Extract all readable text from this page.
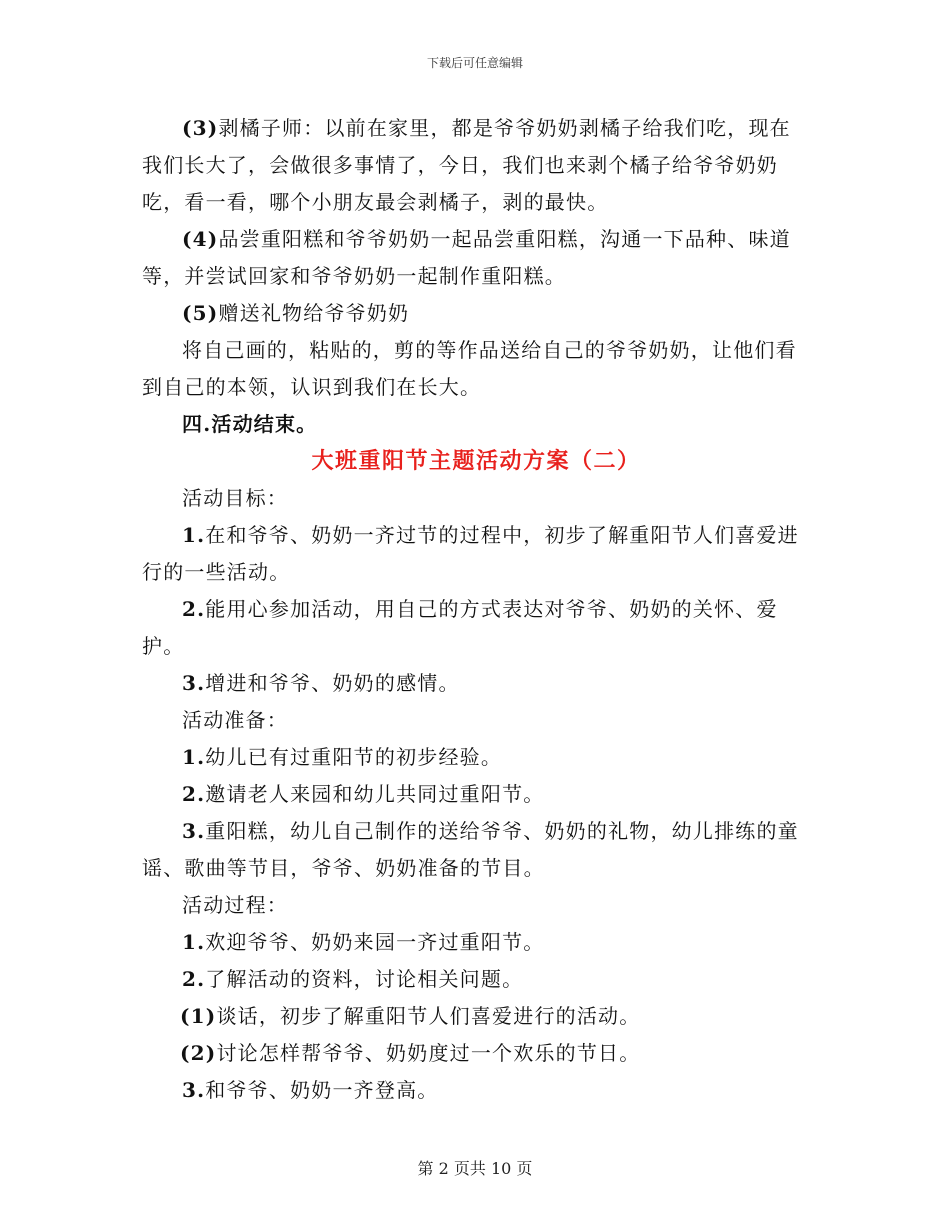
下载后可任意编辑

(3)剥橘子师：以前在家里，都是爷爷奶奶剥橘子给我们吃，现在我们长大了，会做很多事情了，今日，我们也来剥个橘子给爷爷奶奶吃，看一看，哪个小朋友最会剥橘子，剥的最快。

(4)品尝重阳糕和爷爷奶奶一起品尝重阳糕，沟通一下品种、味道等，并尝试回家和爷爷奶奶一起制作重阳糕。

(5)赠送礼物给爷爷奶奶

将自己画的，粘贴的，剪的等作品送给自己的爷爷奶奶，让他们看到自己的本领，认识到我们在长大。

四.活动结束。

大班重阳节主题活动方案（二）

活动目标：

1.在和爷爷、奶奶一齐过节的过程中，初步了解重阳节人们喜爱进行的一些活动。

2.能用心参加活动，用自己的方式表达对爷爷、奶奶的关怀、爱护。

3.增进和爷爷、奶奶的感情。

活动准备：

1.幼儿已有过重阳节的初步经验。

2.邀请老人来园和幼儿共同过重阳节。

3.重阳糕，幼儿自己制作的送给爷爷、奶奶的礼物，幼儿排练的童谣、歌曲等节目，爷爷、奶奶准备的节目。

活动过程：

1.欢迎爷爷、奶奶来园一齐过重阳节。

2.了解活动的资料，讨论相关问题。

(1)谈话，初步了解重阳节人们喜爱进行的活动。

(2)讨论怎样帮爷爷、奶奶度过一个欢乐的节日。

3.和爷爷、奶奶一齐登高。

第 2 页共 10 页
